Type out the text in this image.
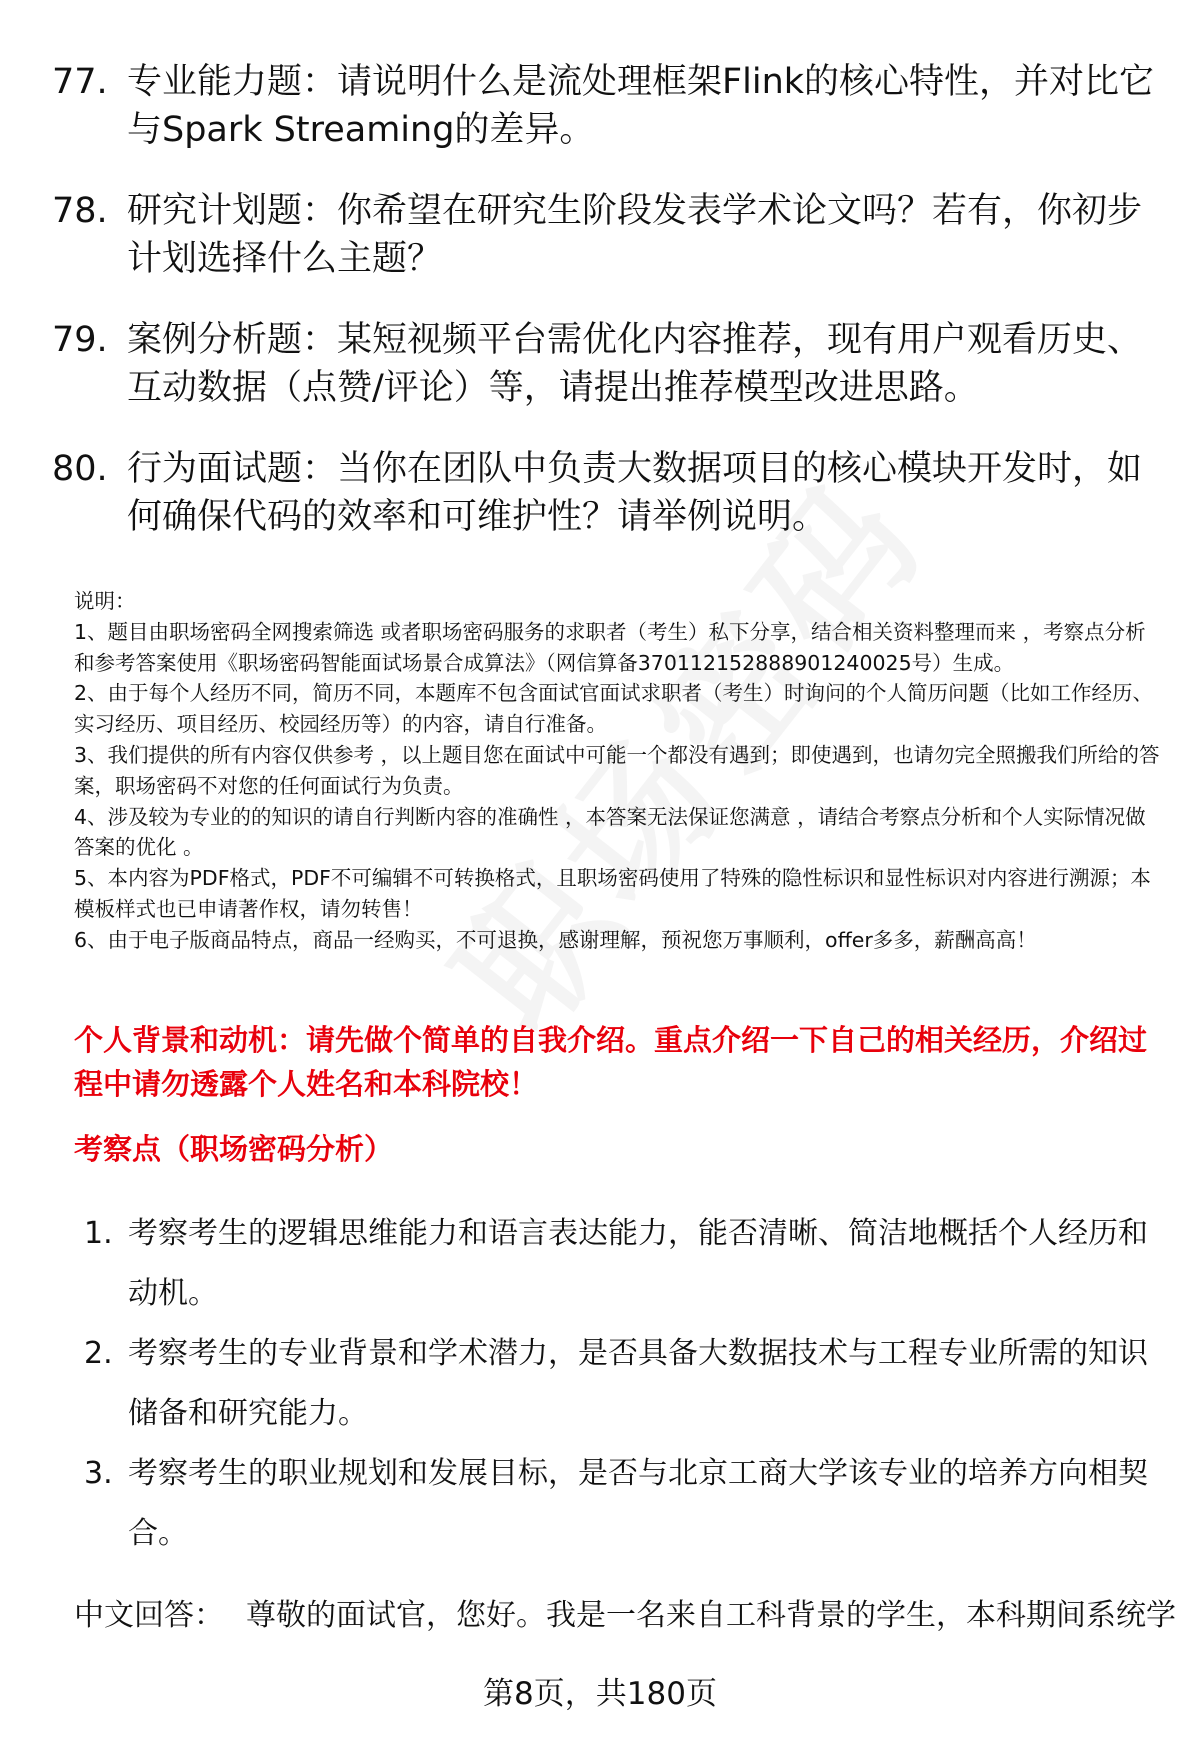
77. 专业能力题：请说明什么是流处理框架Flink的核心特性，并对比它与Spark Streaming的差异。
78. 研究计划题：你希望在研究生阶段发表学术论文吗？若有，你初步计划选择什么主题？
79. 案例分析题：某短视频平台需优化内容推荐，现有用户观看历史、互动数据（点赞/评论）等，请提出推荐模型改进思路。
80. 行为面试题：当你在团队中负责大数据项目的核心模块开发时，如何确保代码的效率和可维护性？请举例说明。

说明：

1、题目由职场密码全网搜索筛选 或者职场密码服务的求职者（考生）私下分享，结合相关资料整理而来 ，考察点分析和参考答案使用《职场密码智能面试场景合成算法》（网信算备370112152888901240025号）生成。

2、由于每个人经历不同，简历不同，本题库不包含面试官面试求职者（考生）时询问的个人简历问题（比如工作经历、实习经历、项目经历、校园经历等）的内容，请自行准备。

3、我们提供的所有内容仅供参考 ，以上题目您在面试中可能一个都没有遇到；即使遇到，也请勿完全照搬我们所给的答案，职场密码不对您的任何面试行为负责。

4、涉及较为专业的的知识的请自行判断内容的准确性 ，本答案无法保证您满意 ，请结合考察点分析和个人实际情况做答案的优化 。

5、本内容为PDF格式，PDF不可编辑不可转换格式，且职场密码使用了特殊的隐性标识和显性标识对内容进行溯源；本模板样式也已申请著作权，请勿转售！

6、由于电子版商品特点，商品一经购买，不可退换，感谢理解，预祝您万事顺利，offer多多，薪酬高高！

个人背景和动机：请先做个简单的自我介绍。重点介绍一下自己的相关经历，介绍过程中请勿透露个人姓名和本科院校！
考察点（职场密码分析）
1. 考察考生的逻辑思维能力和语言表达能力，能否清晰、简洁地概括个人经历和动机。
2. 考察考生的专业背景和学术潜力，是否具备大数据技术与工程专业所需的知识储备和研究能力。
3. 考察考生的职业规划和发展目标，是否与北京工商大学该专业的培养方向相契合。
中文回答： 尊敬的面试官，您好。我是一名来自工科背景的学生，本科期间系统学
第8页，共180页
